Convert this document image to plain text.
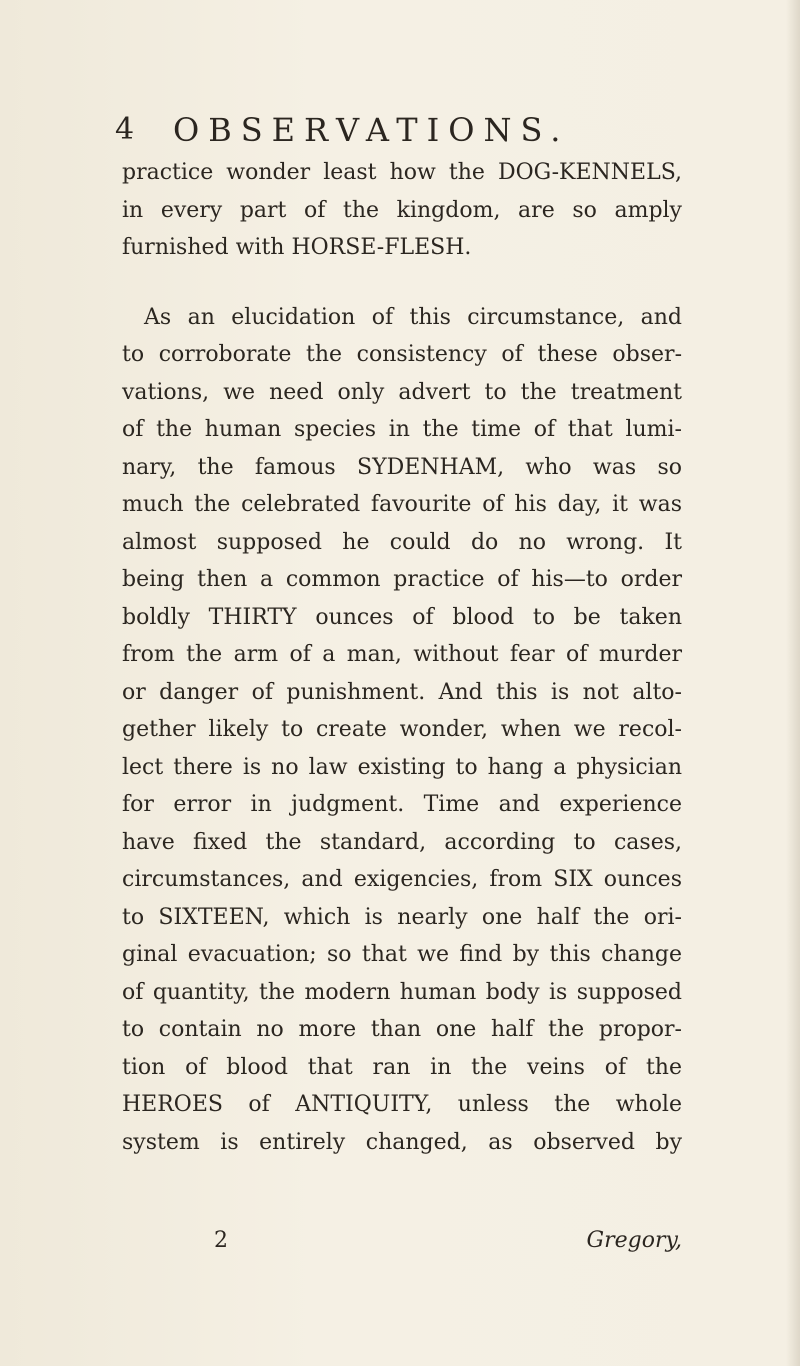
4 OBSERVATIONS.
practice wonder least how the DOG-KENNELS,
in every part of the kingdom, are so amply
furnished with HORSE-FLESH.
As an elucidation of this circumstance, and
to corroborate the consistency of these obser-
vations, we need only advert to the treatment
of the human species in the time of that lumi-
nary, the famous SYDENHAM, who was so
much the celebrated favourite of his day, it was
almost supposed he could do no wrong. It
being then a common practice of his—to order
boldly THIRTY ounces of blood to be taken
from the arm of a man, without fear of murder
or danger of punishment. And this is not alto-
gether likely to create wonder, when we recol-
lect there is no law existing to hang a physician
for error in judgment. Time and experience
have fixed the standard, according to cases,
circumstances, and exigencies, from SIX ounces
to SIXTEEN, which is nearly one half the ori-
ginal evacuation; so that we find by this change
of quantity, the modern human body is supposed
to contain no more than one half the propor-
tion of blood that ran in the veins of the
HEROES of ANTIQUITY, unless the whole
system is entirely changed, as observed by
2	Gregory,
